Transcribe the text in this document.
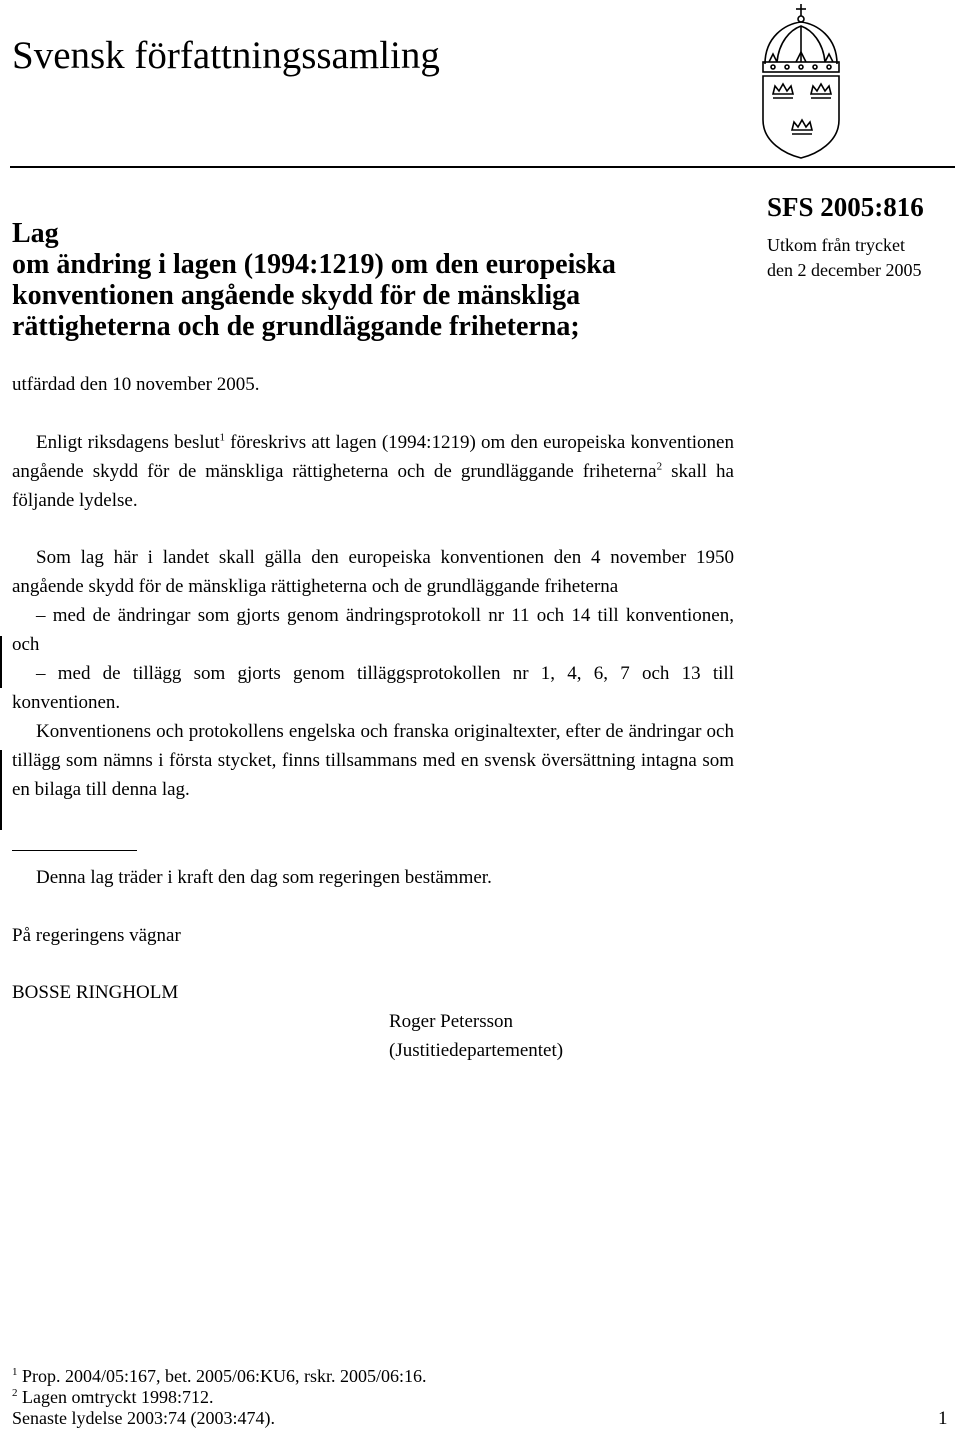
Svensk författningssamling
Lag
om ändring i lagen (1994:1219) om den europeiska
konventionen angående skydd för de mänskliga
rättigheterna och de grundläggande friheterna;
SFS 2005:816
Utkom från trycket
den 2 december 2005
utfärdad den 10 november 2005.
Enligt riksdagens beslut$^1$ föreskrivs att lagen (1994:1219) om den europeiska konventionen angående skydd för de mänskliga rättigheterna och de grundläggande friheterna$^2$ skall ha följande lydelse.

Som lag här i landet skall gälla den europeiska konventionen den 4 november 1950 angående skydd för de mänskliga rättigheterna och de grundläggande friheterna

– med de ändringar som gjorts genom ändringsprotokoll nr 11 och 14 till konventionen, och

– med de tillägg som gjorts genom tilläggsprotokollen nr 1, 4, 6, 7 och 13 till konventionen.

Konventionens och protokollens engelska och franska originaltexter, efter de ändringar och tillägg som nämns i första stycket, finns tillsammans med en svensk översättning intagna som en bilaga till denna lag.

Denna lag träder i kraft den dag som regeringen bestämmer.
På regeringens vägnar
BOSSE RINGHOLM
Roger Petersson
(Justitiedepartementet)
$^1$ Prop. 2004/05:167, bet. 2005/06:KU6, rskr. 2005/06:16.
$^2$ Lagen omtryckt 1998:712.
Senaste lydelse 2003:74 (2003:474).	1
